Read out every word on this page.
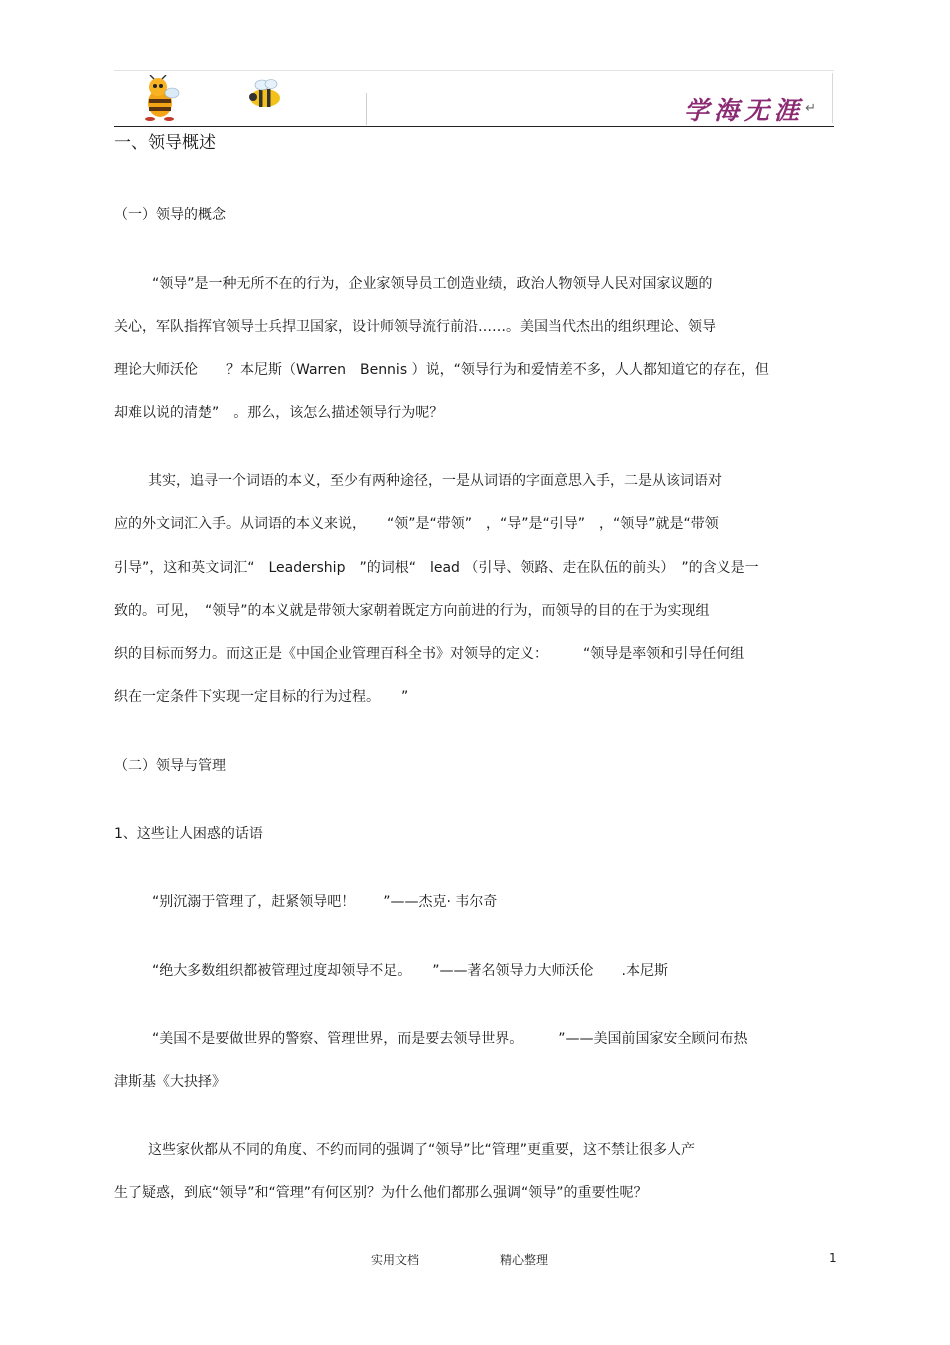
学海无涯 ↵
一、领导概述
（一）领导的概念
“领导”是一种无所不在的行为，企业家领导员工创造业绩，政治人物领导人民对国家议题的
关心，军队指挥官领导士兵捍卫国家，设计师领导流行前沿……。美国当代杰出的组织理论、领导
理论大师沃伦　　？本尼斯（Warren　Bennis ）说，“领导行为和爱情差不多，人人都知道它的存在，但
却难以说的清楚”　。那么，该怎么描述领导行为呢？
其实，追寻一个词语的本义，至少有两种途径，一是从词语的字面意思入手，二是从该词语对
应的外文词汇入手。从词语的本义来说，　　“领”是“带领”　，“导”是“引导”　，“领导”就是“带领
引导”，这和英文词汇“　Leadership　”的词根“　lead （引导、领路、走在队伍的前头）　”的含义是一
致的。可见，　“领导”的本义就是带领大家朝着既定方向前进的行为，而领导的目的在于为实现组
织的目标而努力。而这正是《中国企业管理百科全书》对领导的定义：　　　“领导是率领和引导任何组
织在一定条件下实现一定目标的行为过程。　　”
（二）领导与管理
1、这些让人困惑的话语
“别沉溺于管理了，赶紧领导吧！　　”——杰克· 韦尔奇
“绝大多数组织都被管理过度却领导不足。　　”——著名领导力大师沃伦　　.本尼斯
“美国不是要做世界的警察、管理世界，而是要去领导世界。　　　”——美国前国家安全顾问布热
津斯基《大抉择》
这些家伙都从不同的角度、不约而同的强调了“领导”比“管理”更重要，这不禁让很多人产
生了疑惑，到底“领导”和“管理”有何区别？为什么他们都那么强调“领导”的重要性呢？
实用文档	精心整理	1
